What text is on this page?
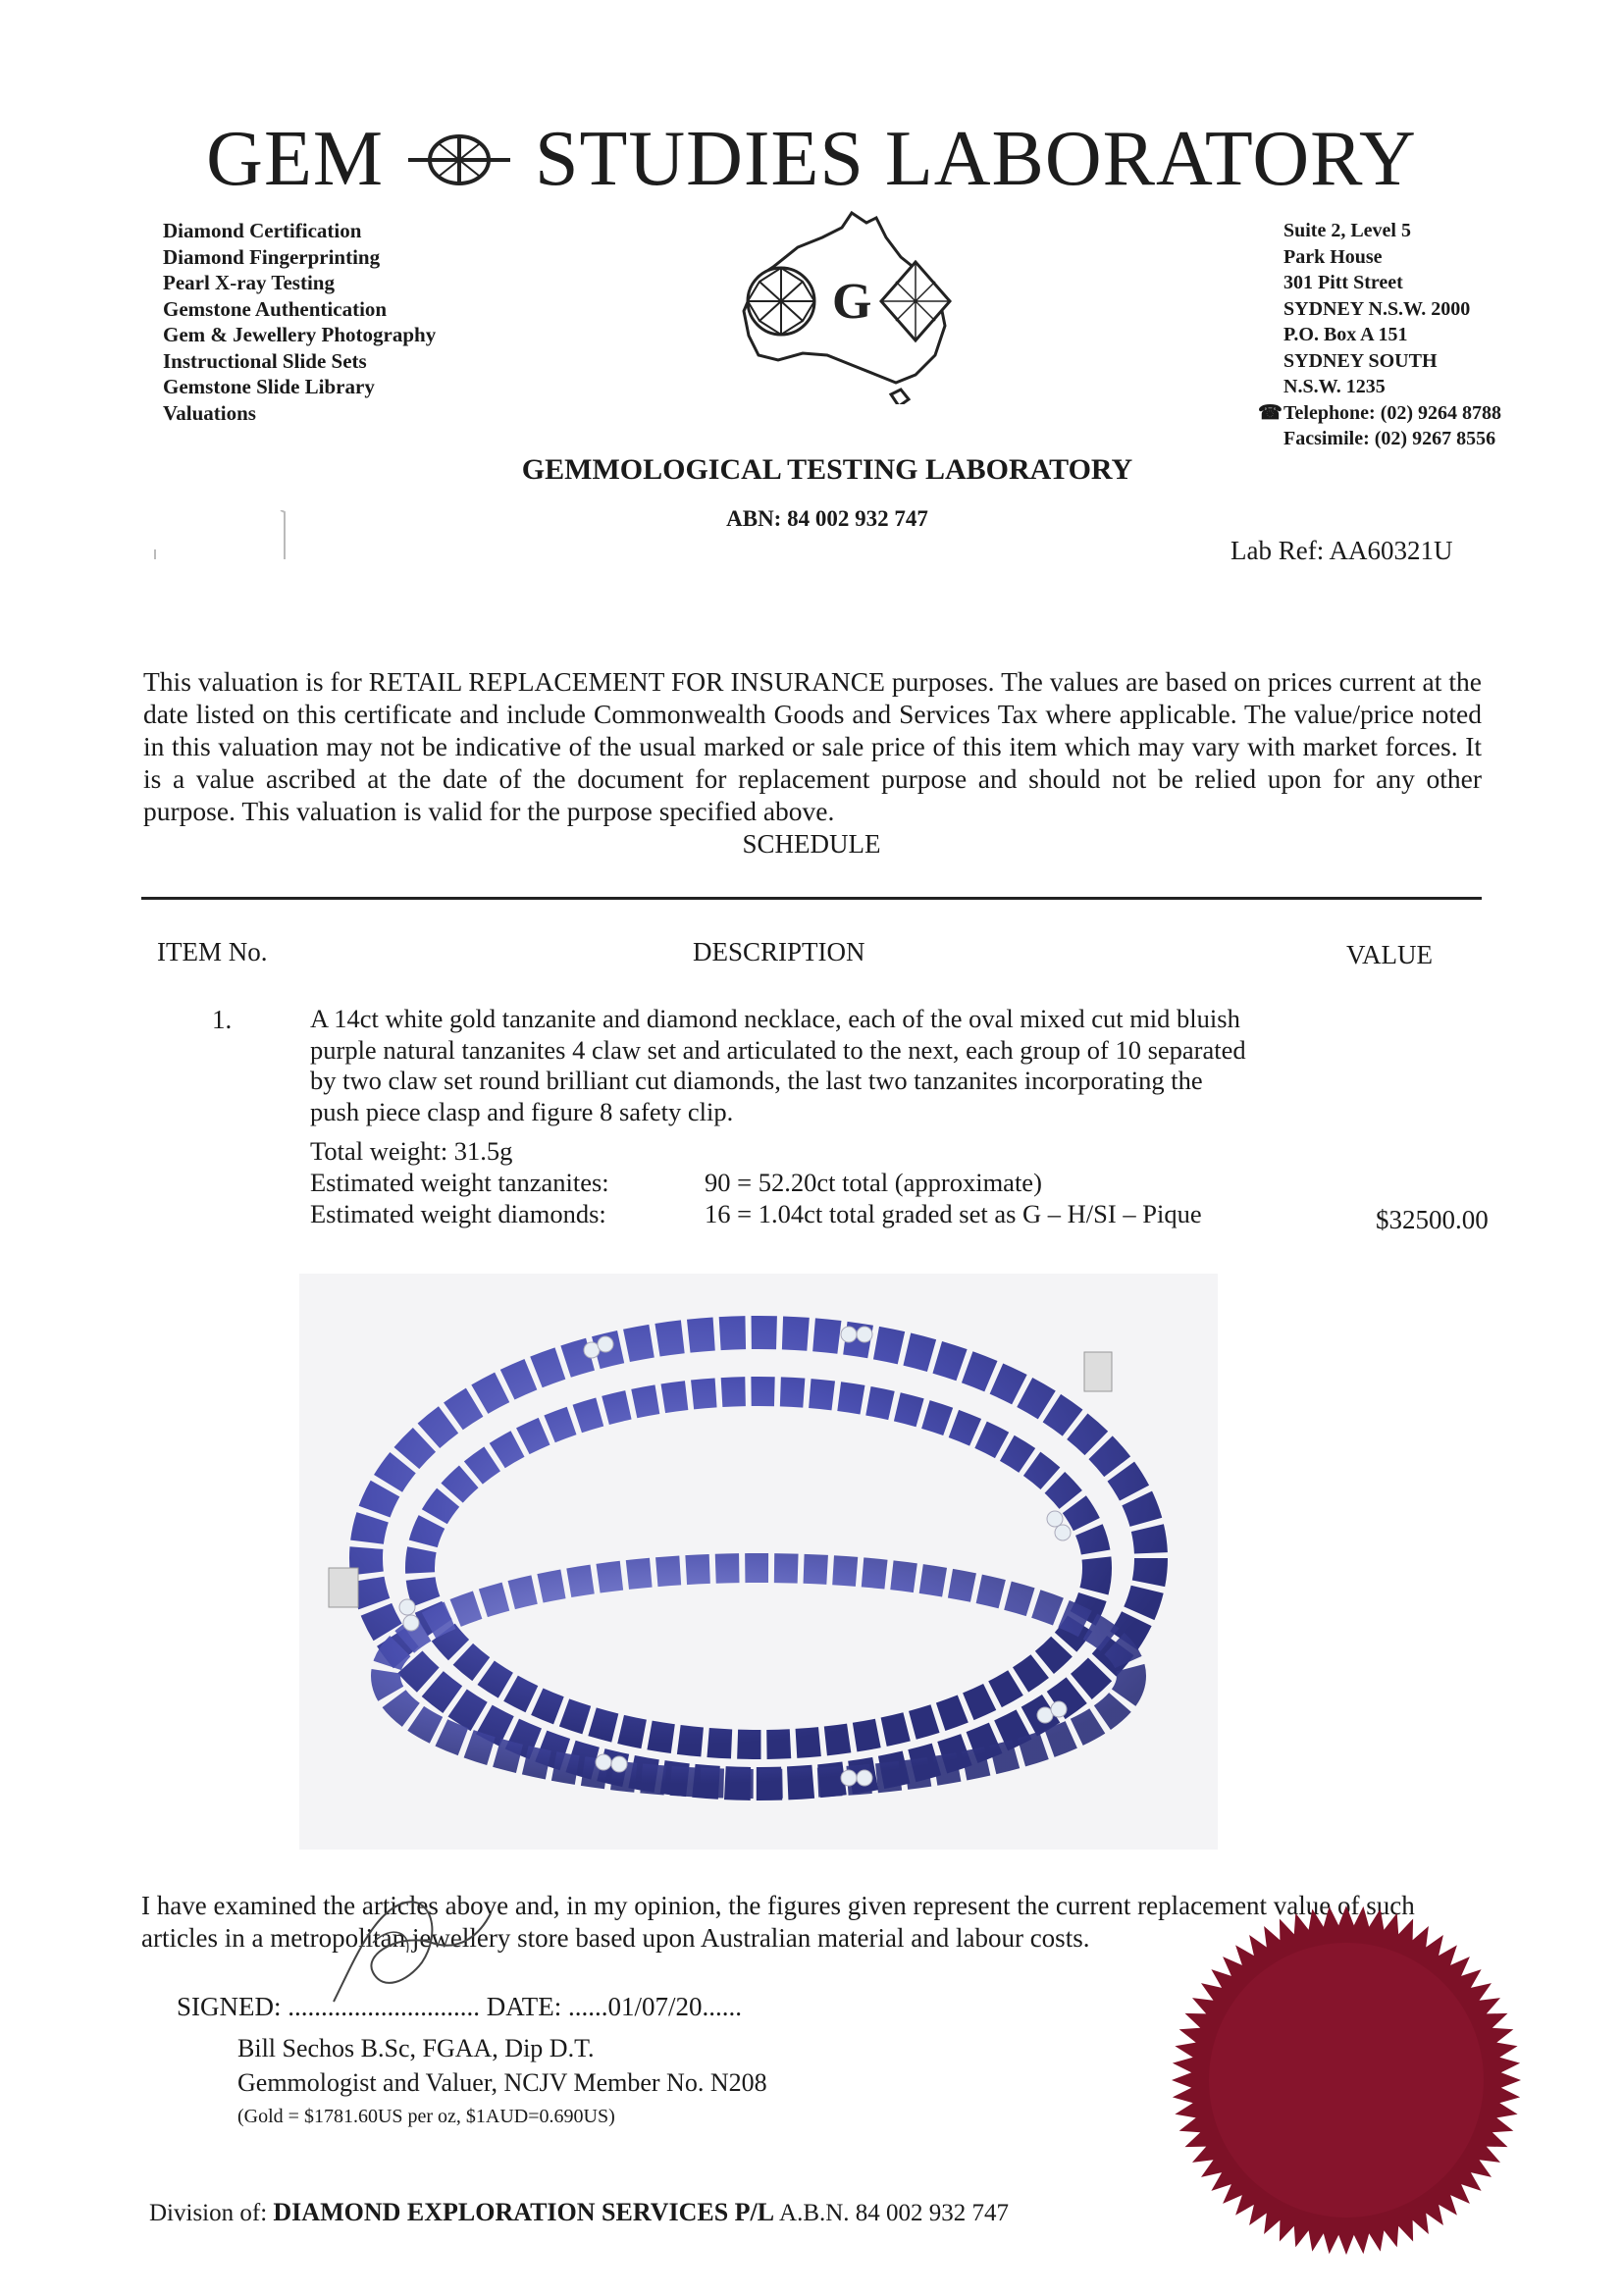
GEM STUDIES LABORATORY
Diamond Certification
Diamond Fingerprinting
Pearl X-ray Testing
Gemstone Authentication
Gem & Jewellery Photography
Instructional Slide Sets
Gemstone Slide Library
Valuations
G
Suite 2, Level 5
Park House
301 Pitt Street
SYDNEY N.S.W. 2000
P.O. Box A 151
SYDNEY SOUTH
N.S.W. 1235
☎Telephone: (02) 9264 8788
Facsimile: (02) 9267 8556
GEMMOLOGICAL TESTING LABORATORY
ABN: 84 002 932 747
Lab Ref: AA60321U
This valuation is for RETAIL REPLACEMENT FOR INSURANCE purposes. The values are based on prices current at the date listed on this certificate and include Commonwealth Goods and Services Tax where applicable. The value/price noted in this valuation may not be indicative of the usual marked or sale price of this item which may vary with market forces. It is a value ascribed at the date of the document for replacement purpose and should not be relied upon for any other purpose. This valuation is valid for the purpose specified above.
SCHEDULE
ITEM No.	DESCRIPTION	VALUE
1.	A 14ct white gold tanzanite and diamond necklace, each of the oval mixed cut mid bluish purple natural tanzanites 4 claw set and articulated to the next, each group of 10 separated by two claw set round brilliant cut diamonds, the last two tanzanites incorporating the push piece clasp and figure 8 safety clip.
Total weight: 31.5g
Estimated weight tanzanites:	90 = 52.20ct total (approximate)
Estimated weight diamonds:	16 = 1.04ct total graded set as G – H/SI – Pique	$32500.00
I have examined the articles above and, in my opinion, the figures given represent the current replacement value of such articles in a metropolitan jewellery store based upon Australian material and labour costs.
SIGNED: ............................. DATE: ......01/07/20......
Bill Sechos B.Sc, FGAA, Dip D.T.
Gemmologist and Valuer, NCJV Member No. N208
(Gold = $1781.60US per oz, $1AUD=0.690US)
Division of: DIAMOND EXPLORATION SERVICES P/L A.B.N. 84 002 932 747
